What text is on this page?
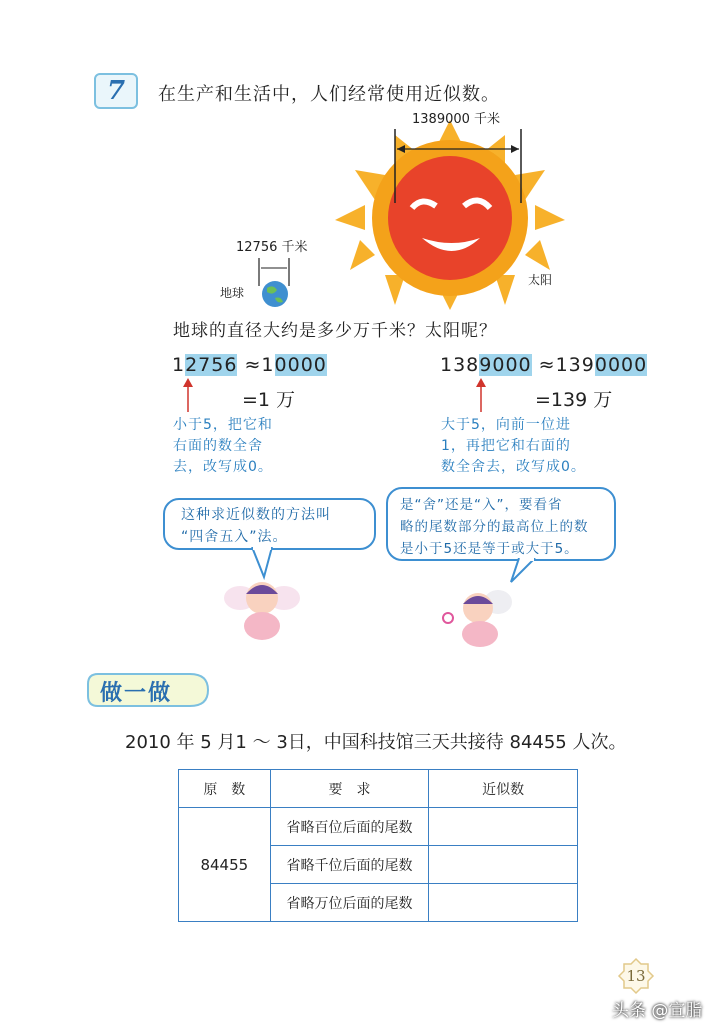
7	在生产和生活中，人们经常使用近似数。
1389000 千米
太阳
12756 千米
地球
地球的直径大约是多少万千米？太阳呢？
12756 ≈10000
=1 万
小于5，把它和
右面的数全舍
去，改写成0。
1389000 ≈1390000
=139 万
大于5，向前一位进
1，再把它和右面的
数全舍去，改写成0。
这种求近似数的方法叫
“四舍五入”法。
是“舍”还是“入”，要看省
略的尾数部分的最高位上的数
是小于5还是等于或大于5。
做一做
2010 年 5 月1 ～ 3日，中国科技馆三天共接待 84455 人次。
原　数	要　求	近似数
84455	省略百位后面的尾数	
	省略千位后面的尾数	
	省略万位后面的尾数	
13
头条 @宣脂
